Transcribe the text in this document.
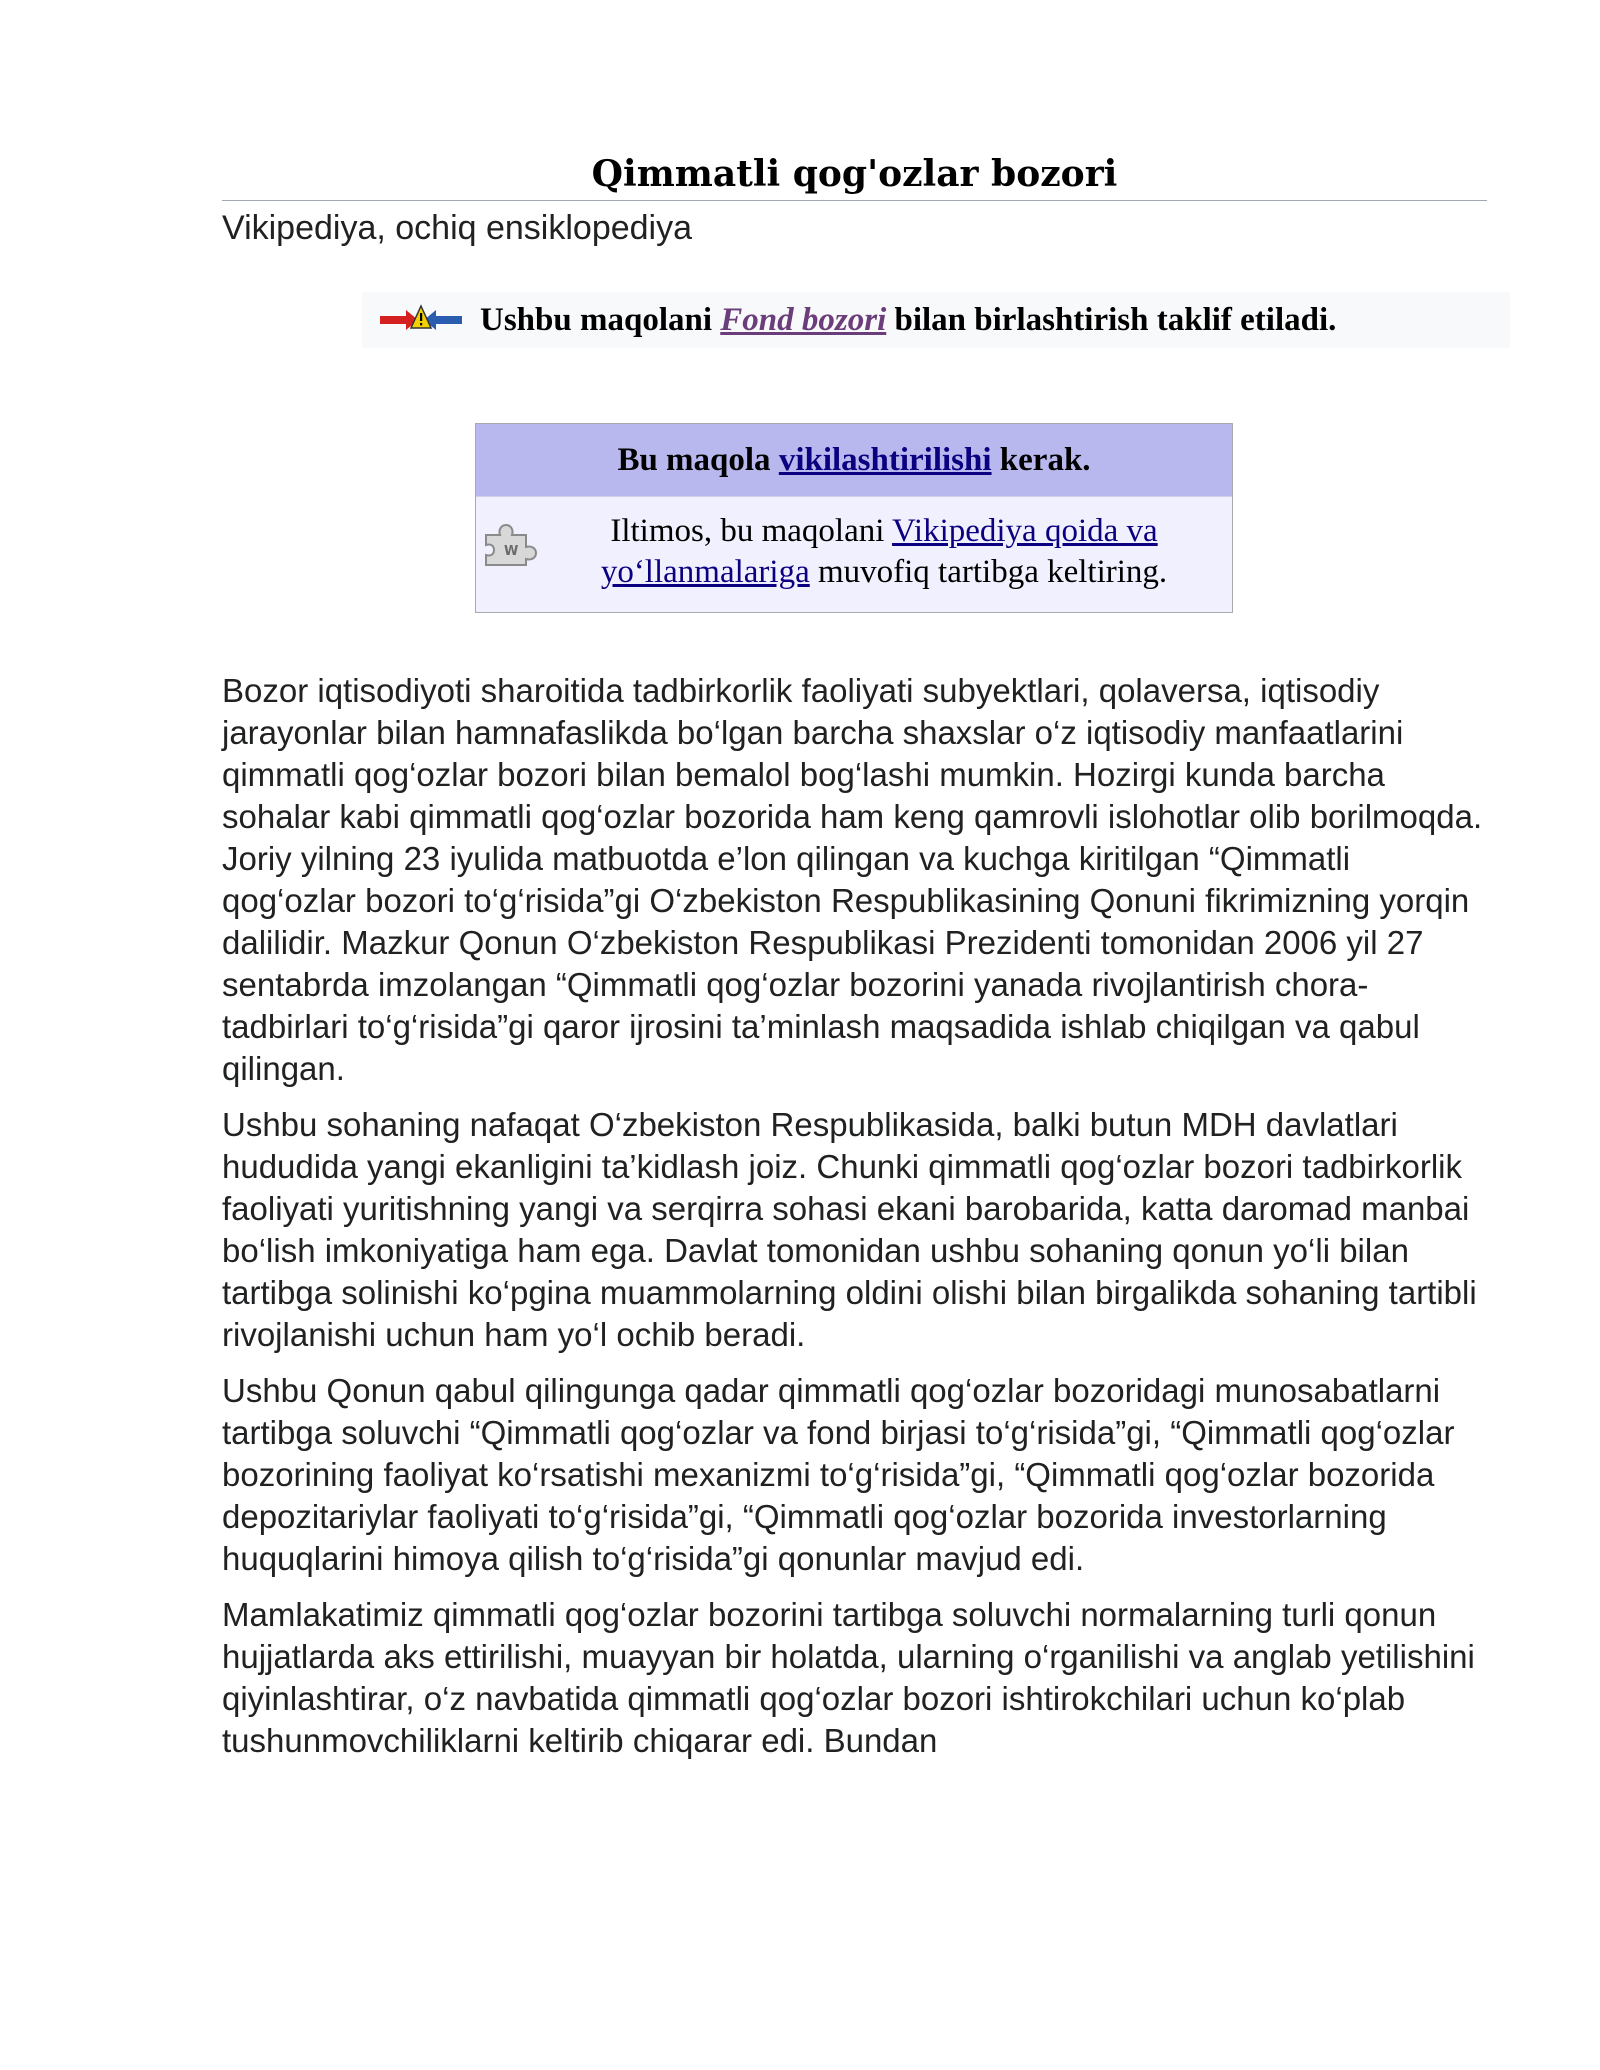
Qimmatli qog'ozlar bozori
Vikipediya, ochiq ensiklopediya
Ushbu maqolani Fond bozori bilan birlashtirish taklif etiladi.
Bu maqola vikilashtirilishi kerak.
W
Iltimos, bu maqolani Vikipediya qoida va yo‘llanmalariga muvofiq tartibga keltiring.

Bozor iqtisodiyoti sharoitida tadbirkorlik faoliyati subyektlari, qolaversa, iqtisodiy jarayonlar bilan hamnafaslikda bo‘lgan barcha shaxslar o‘z iqtisodiy manfaatlarini qimmatli qog‘ozlar bozori bilan bemalol bog‘lashi mumkin. Hozirgi kunda barcha sohalar kabi qimmatli qog‘ozlar bozorida ham keng qamrovli islohotlar olib borilmoqda. Joriy yilning 23 iyulida matbuotda e’lon qilingan va kuchga kiritilgan “Qimmatli qog‘ozlar bozori to‘g‘risida”gi O‘zbekiston Respublikasining Qonuni fikrimizning yorqin dalilidir. Mazkur Qonun O‘zbekiston Respublikasi Prezidenti tomonidan 2006 yil 27 sentabrda imzolangan “Qimmatli qog‘ozlar bozorini yanada rivojlantirish chora-tadbirlari to‘g‘risida”gi qaror ijrosini ta’minlash maqsadida ishlab chiqilgan va qabul qilingan.

Ushbu sohaning nafaqat O‘zbekiston Respublikasida, balki butun MDH davlatlari hududida yangi ekanligini ta’kidlash joiz. Chunki qimmatli qog‘ozlar bozori tadbirkorlik faoliyati yuritishning yangi va serqirra sohasi ekani barobarida, katta daromad manbai bo‘lish imkoniyatiga ham ega. Davlat tomonidan ushbu sohaning qonun yo‘li bilan tartibga solinishi ko‘pgina muammolarning oldini olishi bilan birgalikda sohaning tartibli rivojlanishi uchun ham yo‘l ochib beradi.

Ushbu Qonun qabul qilingunga qadar qimmatli qog‘ozlar bozoridagi munosabatlarni tartibga soluvchi “Qimmatli qog‘ozlar va fond birjasi to‘g‘risida”gi, “Qimmatli qog‘ozlar bozorining faoliyat ko‘rsatishi mexanizmi to‘g‘risida”gi, “Qimmatli qog‘ozlar bozorida depozitariylar faoliyati to‘g‘risida”gi, “Qimmatli qog‘ozlar bozorida investorlarning huquqlarini himoya qilish to‘g‘risida”gi qonunlar mavjud edi.

Mamlakatimiz qimmatli qog‘ozlar bozorini tartibga soluvchi normalarning turli qonun hujjatlarda aks ettirilishi, muayyan bir holatda, ularning o‘rganilishi va anglab yetilishini qiyinlashtirar, o‘z navbatida qimmatli qog‘ozlar bozori ishtirokchilari uchun ko‘plab tushunmovchiliklarni keltirib chiqarar edi. Bundan
